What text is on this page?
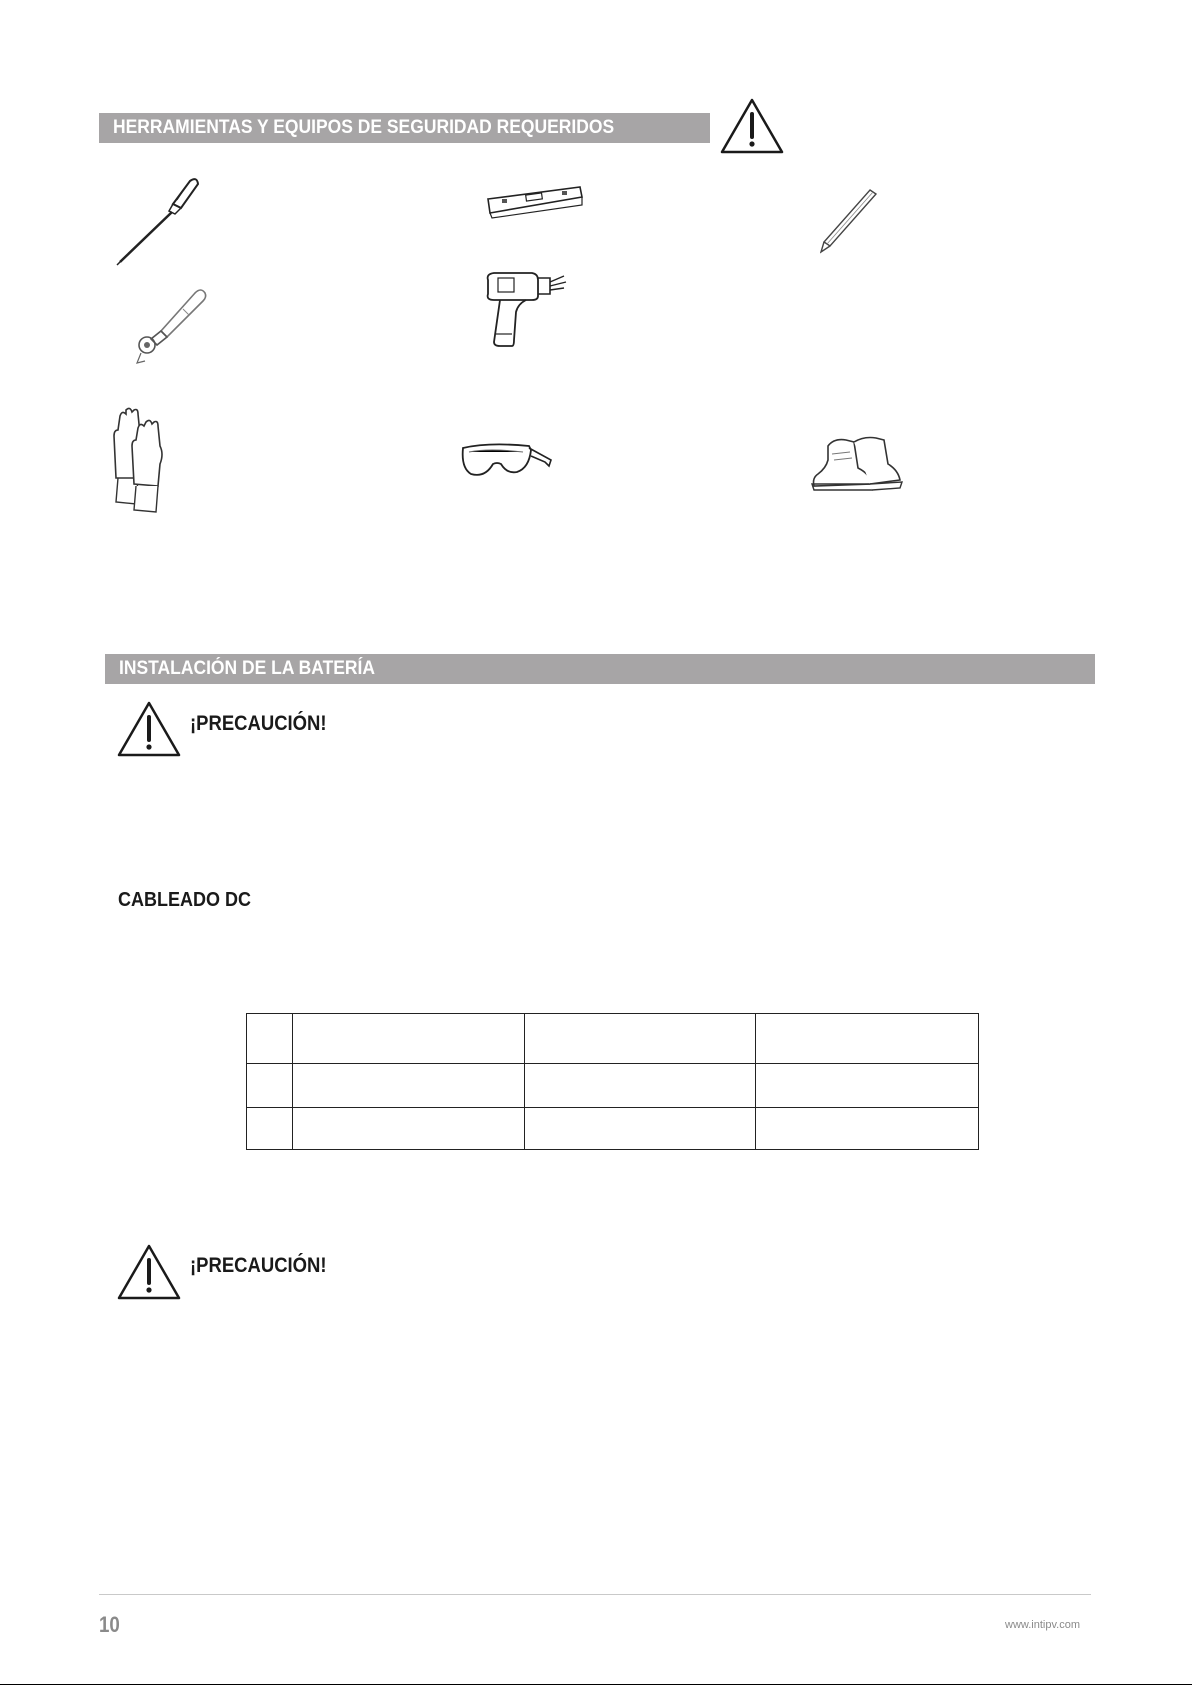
HERRAMIENTAS Y EQUIPOS DE SEGURIDAD REQUERIDOS
INSTALACIÓN DE LA BATERÍA
¡PRECAUCIÓN!
CABLEADO DC

¡PRECAUCIÓN!
10	www.intipv.com
